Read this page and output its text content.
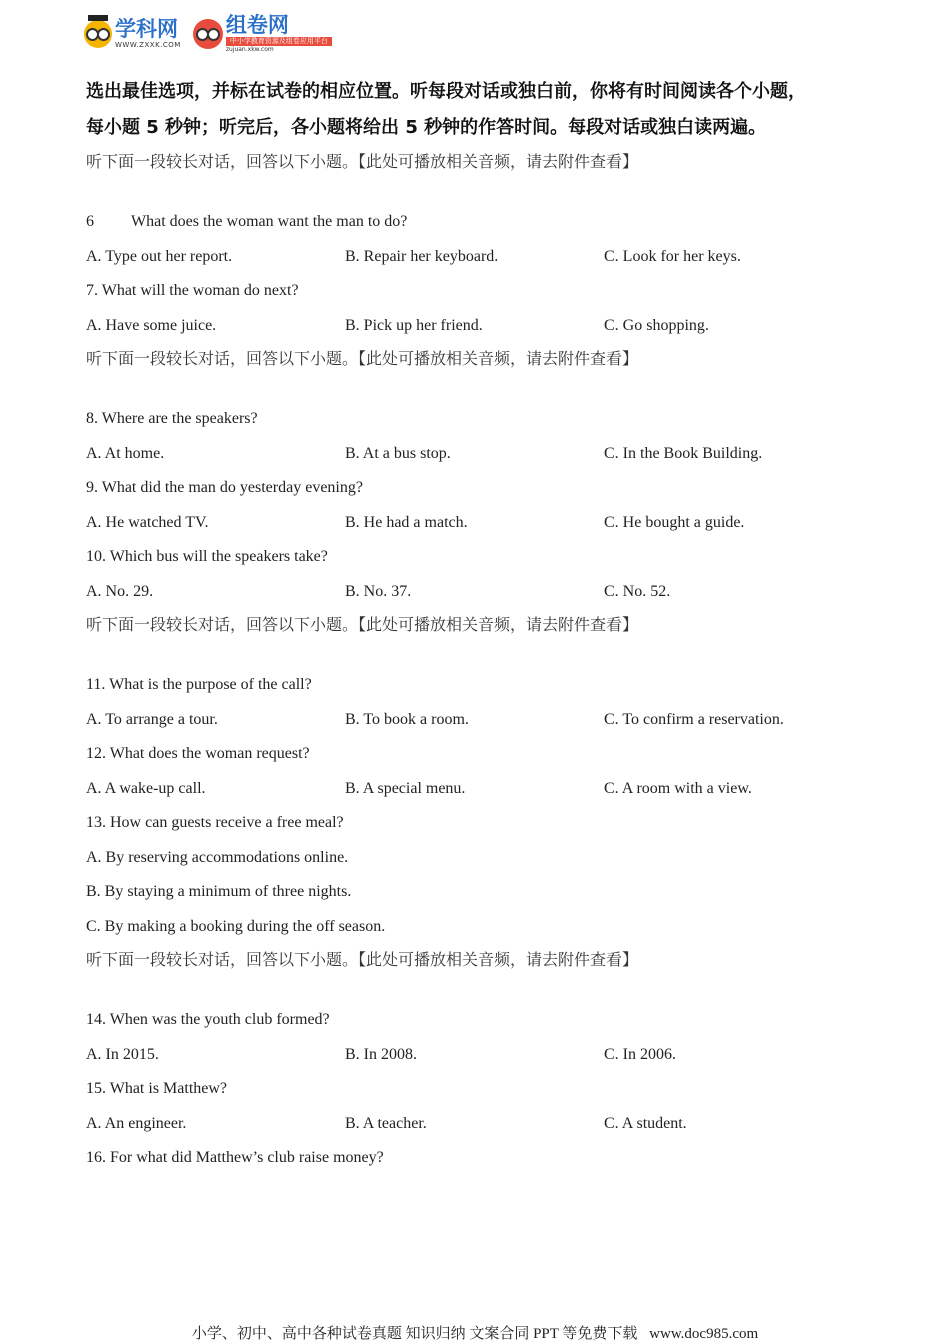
学科网
WWW.ZXXK.COM
组卷网
中小学教育资源及组卷应用平台
zujuan.xkw.com
选出最佳选项，并标在试卷的相应位置。听每段对话或独白前，你将有时间阅读各个小题，
每小题 5 秒钟；听完后，各小题将给出 5 秒钟的作答时间。每段对话或独白读两遍。
听下面一段较长对话，回答以下小题。【此处可播放相关音频，请去附件查看】
6 What does the woman want the man to do?
A. Type out her report.	B. Repair her keyboard.	C. Look for her keys.
7. What will the woman do next?
A. Have some juice.	B. Pick up her friend.	C. Go shopping.
听下面一段较长对话，回答以下小题。【此处可播放相关音频，请去附件查看】
8. Where are the speakers?
A. At home.	B. At a bus stop.	C. In the Book Building.
9. What did the man do yesterday evening?
A. He watched TV.	B. He had a match.	C. He bought a guide.
10. Which bus will the speakers take?
A. No. 29.	B. No. 37.	C. No. 52.
听下面一段较长对话，回答以下小题。【此处可播放相关音频，请去附件查看】
11. What is the purpose of the call?
A. To arrange a tour.	B. To book a room.	C. To confirm a reservation.
12. What does the woman request?
A. A wake-up call.	B. A special menu.	C. A room with a view.
13. How can guests receive a free meal?
A. By reserving accommodations online.
B. By staying a minimum of three nights.
C. By making a booking during the off season.
听下面一段较长对话，回答以下小题。【此处可播放相关音频，请去附件查看】
14. When was the youth club formed?
A. In 2015.	B. In 2008.	C. In 2006.
15. What is Matthew?
A. An engineer.	B. A teacher.	C. A student.
16. For what did Matthew’s club raise money?
小学、初中、高中各种试卷真题 知识归纳 文案合同 PPT 等免费下载 www.doc985.com
